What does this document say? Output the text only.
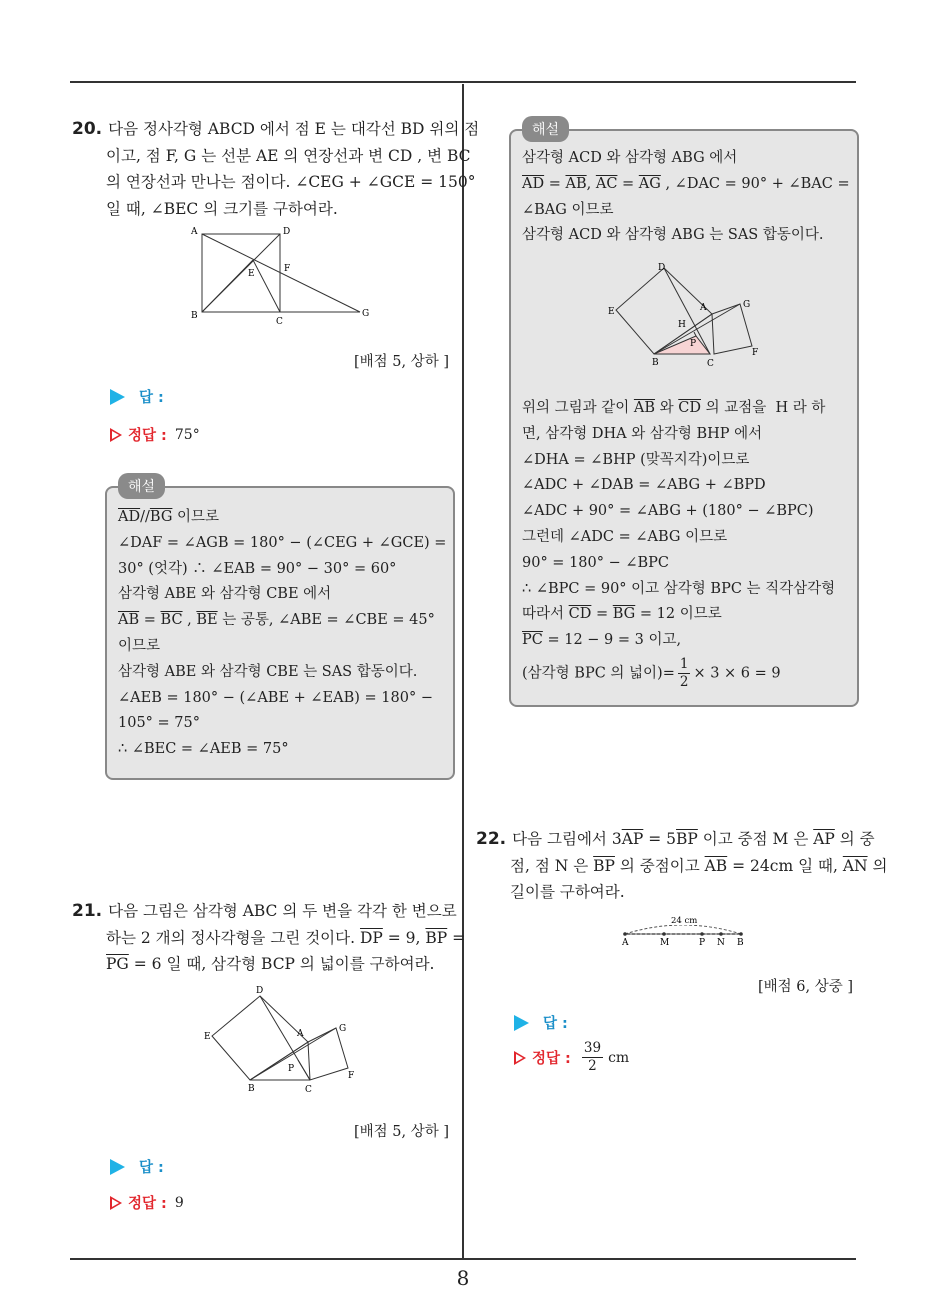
8
20. 다음 정사각형 ABCD 에서 점 E 는 대각선 BD 위의 점
이고, 점 F, G 는 선분 AE 의 연장선과 변 CD , 변 BC
의 연장선과 만나는 점이다. ∠CEG + ∠GCE = 150°
일 때, ∠BEC 의 크기를 구하여라.
A	D
E	F
B
C
G
[배점 5, 상하 ]
답 :
정답 : 75°
해설
$\overline{AD}//\overline{BG}$ 이므로
∠DAF = ∠AGB = 180° − (∠CEG + ∠GCE) =
30° (엇각) ∴ ∠EAB = 90° − 30° = 60°
삼각형 ABE 와 삼각형 CBE 에서
$\overline{AB} = \overline{BC}$ , $\overline{BE}$ 는 공통, ∠ABE = ∠CBE = 45°
이므로
삼각형 ABE 와 삼각형 CBE 는 SAS 합동이다.
∠AEB = 180° − (∠ABE + ∠EAB) = 180° −
105° = 75°
∴ ∠BEC = ∠AEB = 75°
21. 다음 그림은 삼각형 ABC 의 두 변을 각각 한 변으로
하는 2 개의 정사각형을 그린 것이다. $\overline{DP} = 9$, $\overline{BP}$ =
$\overline{PG} = 6$ 일 때, 삼각형 BCP 의 넓이를 구하여라.
D
E	A	G
P
B	C
F
[배점 5, 상하 ]
답 :
정답 : 9
해설
삼각형 ACD 와 삼각형 ABG 에서
$\overline{AD} = \overline{AB}$, $\overline{AC} = \overline{AG}$ , ∠DAC = 90° + ∠BAC =
∠BAG 이므로
삼각형 ACD 와 삼각형 ABG 는 SAS 합동이다.
D
E	A	G
H
P
B	C
F
위의 그림과 같이 $\overline{AB}$ 와 $\overline{CD}$ 의 교점을  H 라 하
면, 삼각형 DHA 와 삼각형 BHP 에서
∠DHA = ∠BHP (맞꼭지각)이므로
∠ADC + ∠DAB = ∠ABG + ∠BPD
∠ADC + 90° = ∠ABG + (180° − ∠BPC)
그런데 ∠ADC = ∠ABG 이므로
90° = 180° − ∠BPC
∴ ∠BPC = 90° 이고 삼각형 BPC 는 직각삼각형
따라서 $\overline{CD} = \overline{BG} = 12$ 이므로
$\overline{PC} = 12 - 9 = 3$ 이고,
(삼각형 BPC 의 넓이)= $\frac{1}{2} \times 3 \times 6 = 9$
22. 다음 그림에서 $3\overline{AP} = 5\overline{BP}$ 이고 중점 M 은 $\overline{AP}$ 의 중
점, 점 N 은 $\overline{BP}$ 의 중점이고 $\overline{AB} = 24cm$ 일 때, $\overline{AN}$ 의
길이를 구하여라.
24 cm
A	M	P N B
[배점 6, 상중 ]
답 :
정답 : $\frac{39}{2}$ cm
